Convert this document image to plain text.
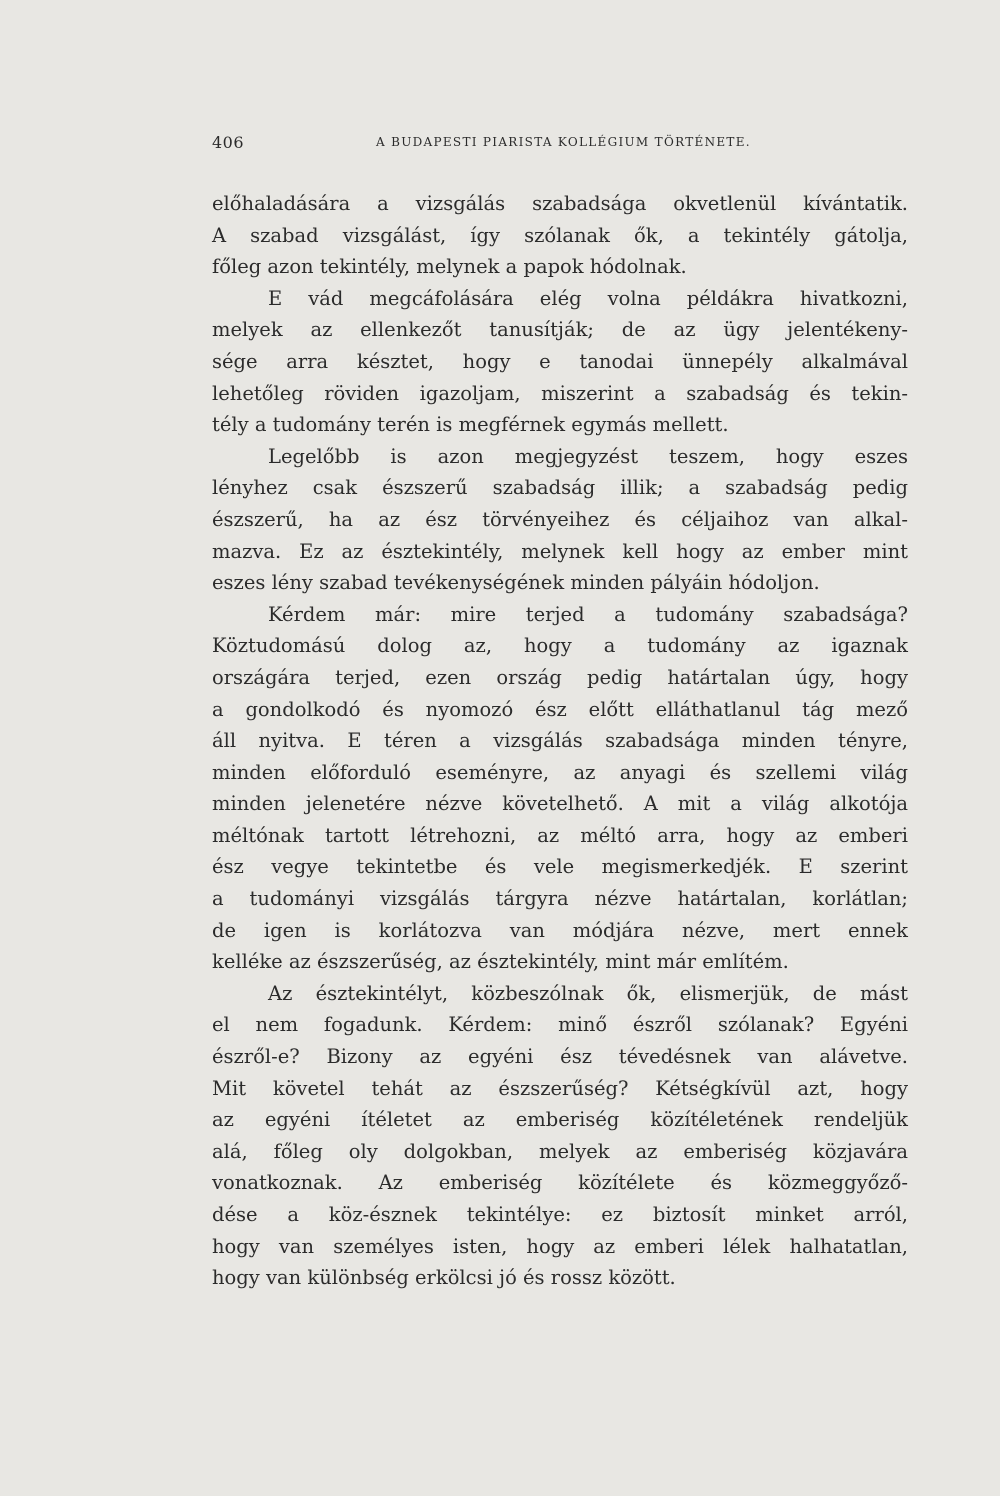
406	A BUDAPESTI PIARISTA KOLLÉGIUM TÖRTÉNETE.
előhaladására a vizsgálás szabadsága okvetlenül kívántatik.
A szabad vizsgálást, így szólanak ők, a tekintély gátolja,
főleg azon tekintély, melynek a papok hódolnak.
E vád megcáfolására elég volna példákra hivatkozni,
melyek az ellenkezőt tanusítják; de az ügy jelentékeny-
sége arra késztet, hogy e tanodai ünnepély alkalmával
lehetőleg röviden igazoljam, miszerint a szabadság és tekin-
tély a tudomány terén is megférnek egymás mellett.
Legelőbb is azon megjegyzést teszem, hogy eszes
lényhez csak észszerű szabadság illik; a szabadság pedig
észszerű, ha az ész törvényeihez és céljaihoz van alkal-
mazva. Ez az észtekintély, melynek kell hogy az ember mint
eszes lény szabad tevékenységének minden pályáin hódoljon.
Kérdem már: mire terjed a tudomány szabadsága?
Köztudomású dolog az, hogy a tudomány az igaznak
országára terjed, ezen ország pedig határtalan úgy, hogy
a gondolkodó és nyomozó ész előtt elláthatlanul tág mező
áll nyitva. E téren a vizsgálás szabadsága minden tényre,
minden előforduló eseményre, az anyagi és szellemi világ
minden jelenetére nézve követelhető. A mit a világ alkotója
méltónak tartott létrehozni, az méltó arra, hogy az emberi
ész vegye tekintetbe és vele megismerkedjék. E szerint
a tudományi vizsgálás tárgyra nézve határtalan, korlátlan;
de igen is korlátozva van módjára nézve, mert ennek
kelléke az észszerűség, az észtekintély, mint már említém.
Az észtekintélyt, közbeszólnak ők, elismerjük, de mást
el nem fogadunk. Kérdem: minő észről szólanak? Egyéni
észről-e? Bizony az egyéni ész tévedésnek van alávetve.
Mit követel tehát az észszerűség? Kétségkívül azt, hogy
az egyéni ítéletet az emberiség közítéletének rendeljük
alá, főleg oly dolgokban, melyek az emberiség közjavára
vonatkoznak. Az emberiség közítélete és közmeggyőző-
dése a köz-észnek tekintélye: ez biztosít minket arról,
hogy van személyes isten, hogy az emberi lélek halhatatlan,
hogy van különbség erkölcsi jó és rossz között.
